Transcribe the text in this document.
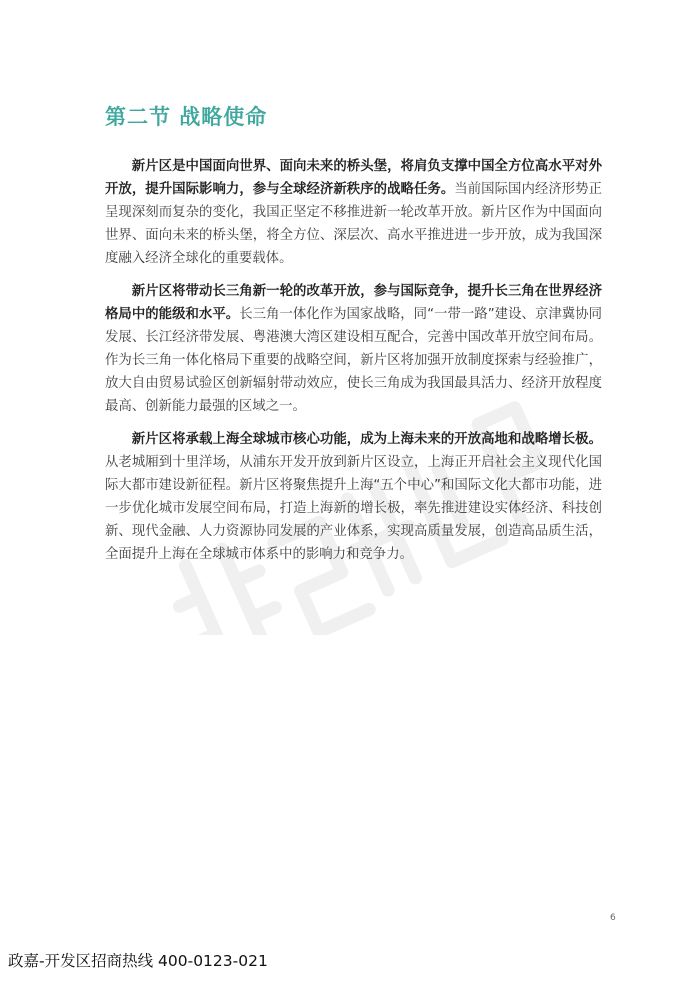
第二节 战略使命

新片区是中国面向世界、面向未来的桥头堡，将肩负支撑中国全方位高水平对外开放，提升国际影响力，参与全球经济新秩序的战略任务。当前国际国内经济形势正呈现深刻而复杂的变化，我国正坚定不移推进新一轮改革开放。新片区作为中国面向世界、面向未来的桥头堡，将全方位、深层次、高水平推进进一步开放，成为我国深度融入经济全球化的重要载体。

新片区将带动长三角新一轮的改革开放，参与国际竞争，提升长三角在世界经济格局中的能级和水平。长三角一体化作为国家战略，同“一带一路”建设、京津冀协同发展、长江经济带发展、粤港澳大湾区建设相互配合，完善中国改革开放空间布局。作为长三角一体化格局下重要的战略空间，新片区将加强开放制度探索与经验推广，放大自由贸易试验区创新辐射带动效应，使长三角成为我国最具活力、经济开放程度最高、创新能力最强的区域之一。

新片区将承载上海全球城市核心功能，成为上海未来的开放高地和战略增长极。从老城厢到十里洋场，从浦东开发开放到新片区设立，上海正开启社会主义现代化国际大都市建设新征程。新片区将聚焦提升上海“五个中心”和国际文化大都市功能，进一步优化城市发展空间布局，打造上海新的增长极，率先推进建设实体经济、科技创新、现代金融、人力资源协同发展的产业体系，实现高质量发展，创造高品质生活，全面提升上海在全球城市体系中的影响力和竞争力。

6
政嘉-开发区招商热线 400-0123-021
